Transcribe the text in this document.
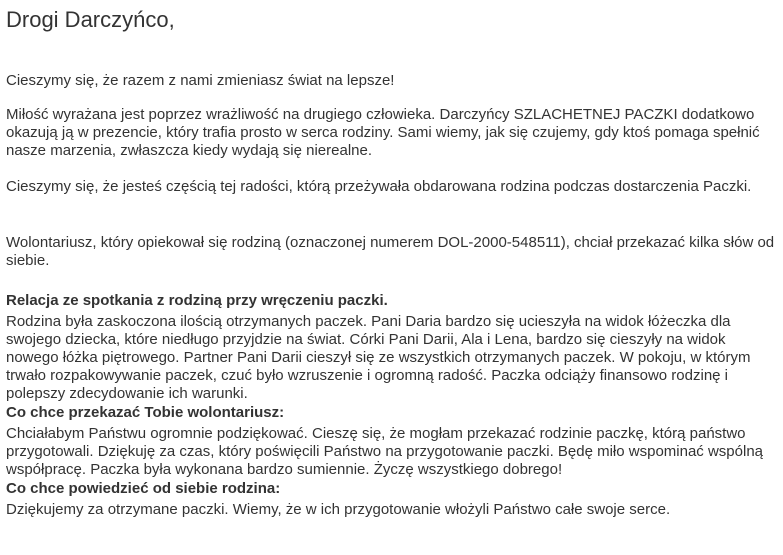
Drogi Darczyńco,

Cieszymy się, że razem z nami zmieniasz świat na lepsze!

Miłość wyrażana jest poprzez wrażliwość na drugiego człowieka. Darczyńcy SZLACHETNEJ PACZKI dodatkowo okazują ją w prezencie, który trafia prosto w serca rodziny. Sami wiemy, jak się czujemy, gdy ktoś pomaga spełnić nasze marzenia, zwłaszcza kiedy wydają się nierealne.

Cieszymy się, że jesteś częścią tej radości, którą przeżywała obdarowana rodzina podczas dostarczenia Paczki.

Wolontariusz, który opiekował się rodziną (oznaczonej numerem DOL-2000-548511), chciał przekazać kilka słów od siebie.

Relacja ze spotkania z rodziną przy wręczeniu paczki.

Rodzina była zaskoczona ilością otrzymanych paczek. Pani Daria bardzo się ucieszyła na widok łóżeczka dla swojego dziecka, które niedługo przyjdzie na świat. Córki Pani Darii, Ala i Lena, bardzo się cieszyły na widok nowego łóżka piętrowego. Partner Pani Darii cieszył się ze wszystkich otrzymanych paczek. W pokoju, w którym trwało rozpakowywanie paczek, czuć było wzruszenie i ogromną radość. Paczka odciąży finansowo rodzinę i polepszy zdecydowanie ich warunki.

Co chce przekazać Tobie wolontariusz:

Chciałabym Państwu ogromnie podziękować. Cieszę się, że mogłam przekazać rodzinie paczkę, którą państwo przygotowali. Dziękuję za czas, który poświęcili Państwo na przygotowanie paczki. Będę miło wspominać wspólną współpracę. Paczka była wykonana bardzo sumiennie. Życzę wszystkiego dobrego!

Co chce powiedzieć od siebie rodzina:

Dziękujemy za otrzymane paczki. Wiemy, że w ich przygotowanie włożyli Państwo całe swoje serce.
